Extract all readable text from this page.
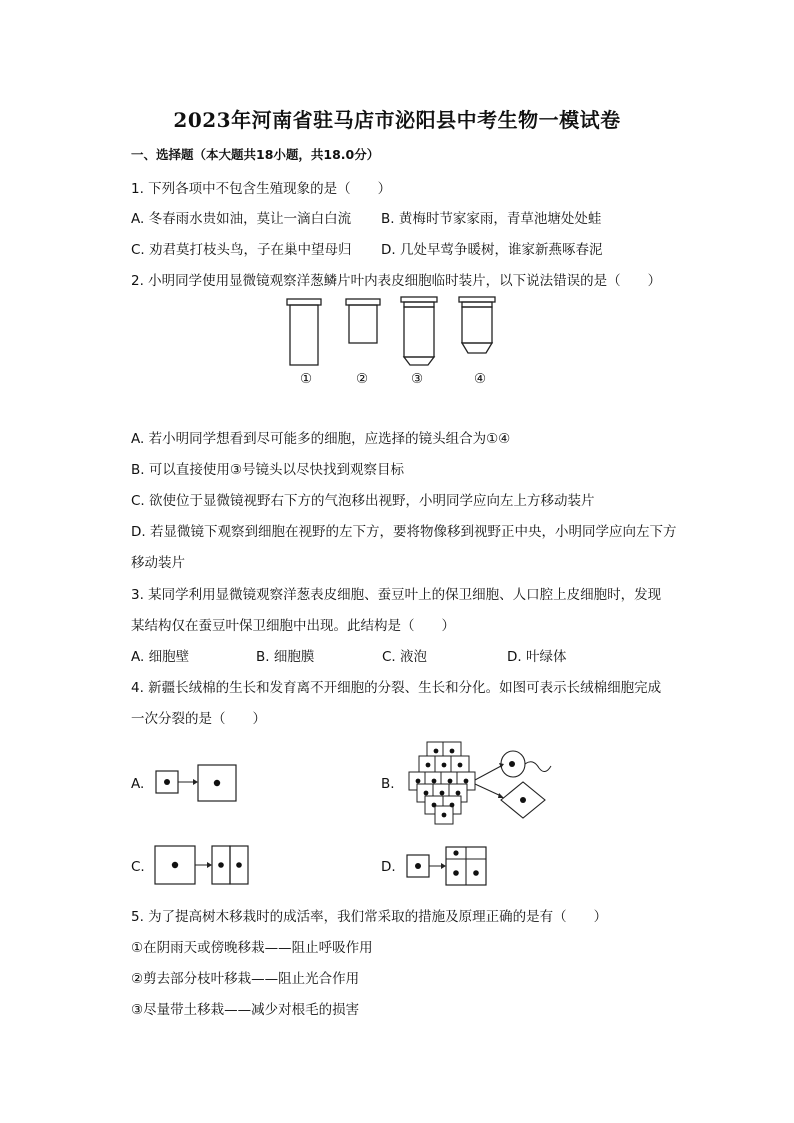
2023年河南省驻马店市泌阳县中考生物一模试卷
一、选择题（本大题共18小题，共18.0分）
1. 下列各项中不包含生殖现象的是（　　）
A. 冬春雨水贵如油，莫让一滴白白流 B. 黄梅时节家家雨，青草池塘处处蛙
C. 劝君莫打枝头鸟，子在巢中望母归 D. 几处早莺争暖树，谁家新燕啄春泥
2. 小明同学使用显微镜观察洋葱鳞片叶内表皮细胞临时装片，以下说法错误的是（　　）
①	②	③	④
A. 若小明同学想看到尽可能多的细胞，应选择的镜头组合为①④
B. 可以直接使用③号镜头以尽快找到观察目标
C. 欲使位于显微镜视野右下方的气泡移出视野，小明同学应向左上方移动装片
D. 若显微镜下观察到细胞在视野的左下方，要将物像移到视野正中央，小明同学应向左下方
移动装片
3. 某同学利用显微镜观察洋葱表皮细胞、蚕豆叶上的保卫细胞、人口腔上皮细胞时，发现
某结构仅在蚕豆叶保卫细胞中出现。此结构是（　　）
A. 细胞壁	B. 细胞膜	C. 液泡	D. 叶绿体
4. 新疆长绒棉的生长和发育离不开细胞的分裂、生长和分化。如图可表示长绒棉细胞完成
一次分裂的是（　　）
A.	B.
C.	D.
5. 为了提高树木移栽时的成活率，我们常采取的措施及原理正确的是有（　　）
①在阴雨天或傍晚移栽——阻止呼吸作用
②剪去部分枝叶移栽——阻止光合作用
③尽量带土移栽——减少对根毛的损害
